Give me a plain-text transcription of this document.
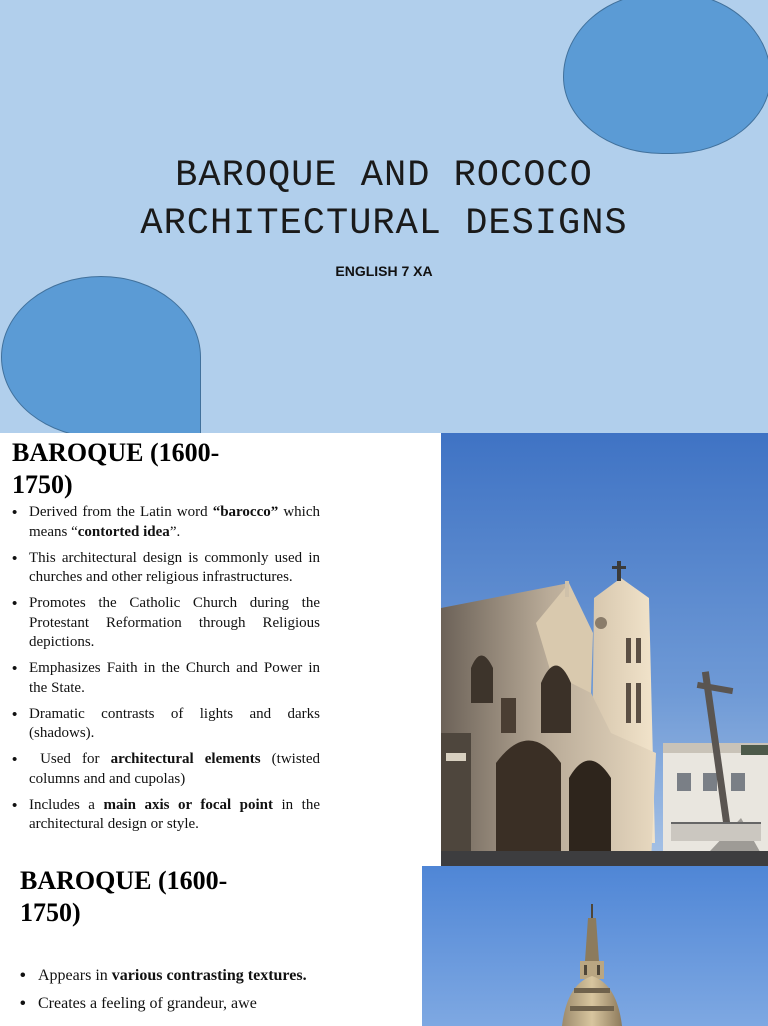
BAROQUE AND ROCOCO
ARCHITECTURAL DESIGNS
ENGLISH 7 XA
BAROQUE (1600-1750)
• Derived from the Latin word “barocco” which means “contorted idea”.
• This architectural design is commonly used in churches and other religious infrastructures.
• Promotes the Catholic Church during the Protestant Reformation through Religious depictions.
• Emphasizes Faith in the Church and Power in the State.
• Dramatic contrasts of lights and darks (shadows).
•  Used for architectural elements (twisted columns and and cupolas)
• Includes a main axis or focal point in the architectural design or style.
BAROQUE (1600-1750)
• Appears in various contrasting textures.
• Creates a feeling of grandeur, awe
